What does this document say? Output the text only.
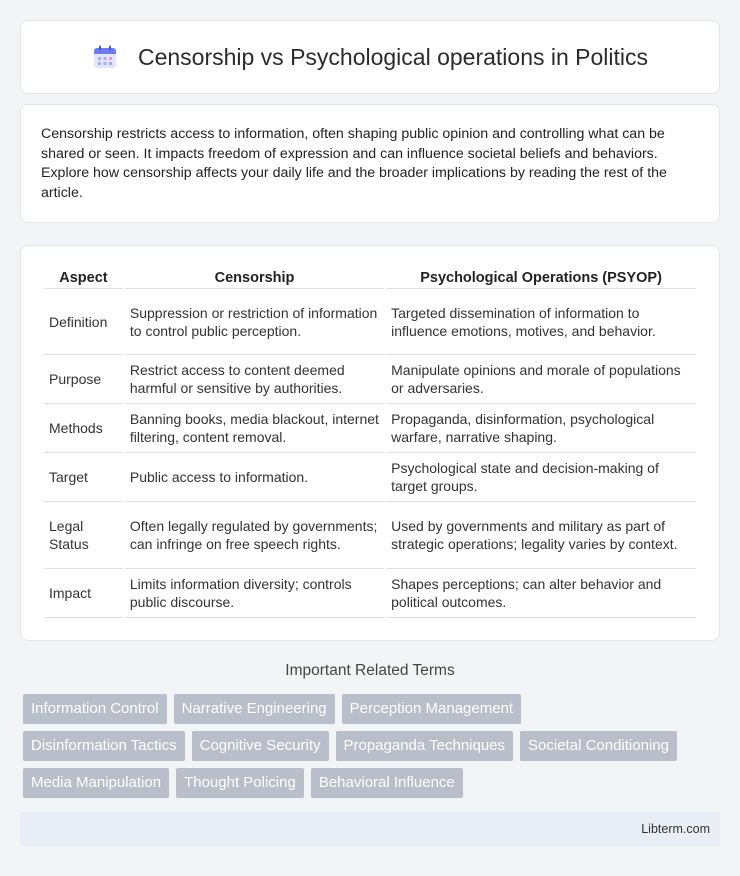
Censorship vs Psychological operations in Politics

Censorship restricts access to information, often shaping public opinion and controlling what can be shared or seen. It impacts freedom of expression and can influence societal beliefs and behaviors. Explore how censorship affects your daily life and the broader implications by reading the rest of the article.

Aspect	Censorship	Psychological Operations (PSYOP)
Definition	Suppression or restriction of information to control public perception.	Targeted dissemination of information to influence emotions, motives, and behavior.
Purpose	Restrict access to content deemed harmful or sensitive by authorities.	Manipulate opinions and morale of populations or adversaries.
Methods	Banning books, media blackout, internet filtering, content removal.	Propaganda, disinformation, psychological warfare, narrative shaping.
Target	Public access to information.	Psychological state and decision-making of target groups.
Legal Status	Often legally regulated by governments; can infringe on free speech rights.	Used by governments and military as part of strategic operations; legality varies by context.
Impact	Limits information diversity; controls public discourse.	Shapes perceptions; can alter behavior and political outcomes.
Important Related Terms
Information Control	Narrative Engineering	Perception Management
Disinformation Tactics	Cognitive Security	Propaganda Techniques	Societal Conditioning
Media Manipulation	Thought Policing	Behavioral Influence
Libterm.com
